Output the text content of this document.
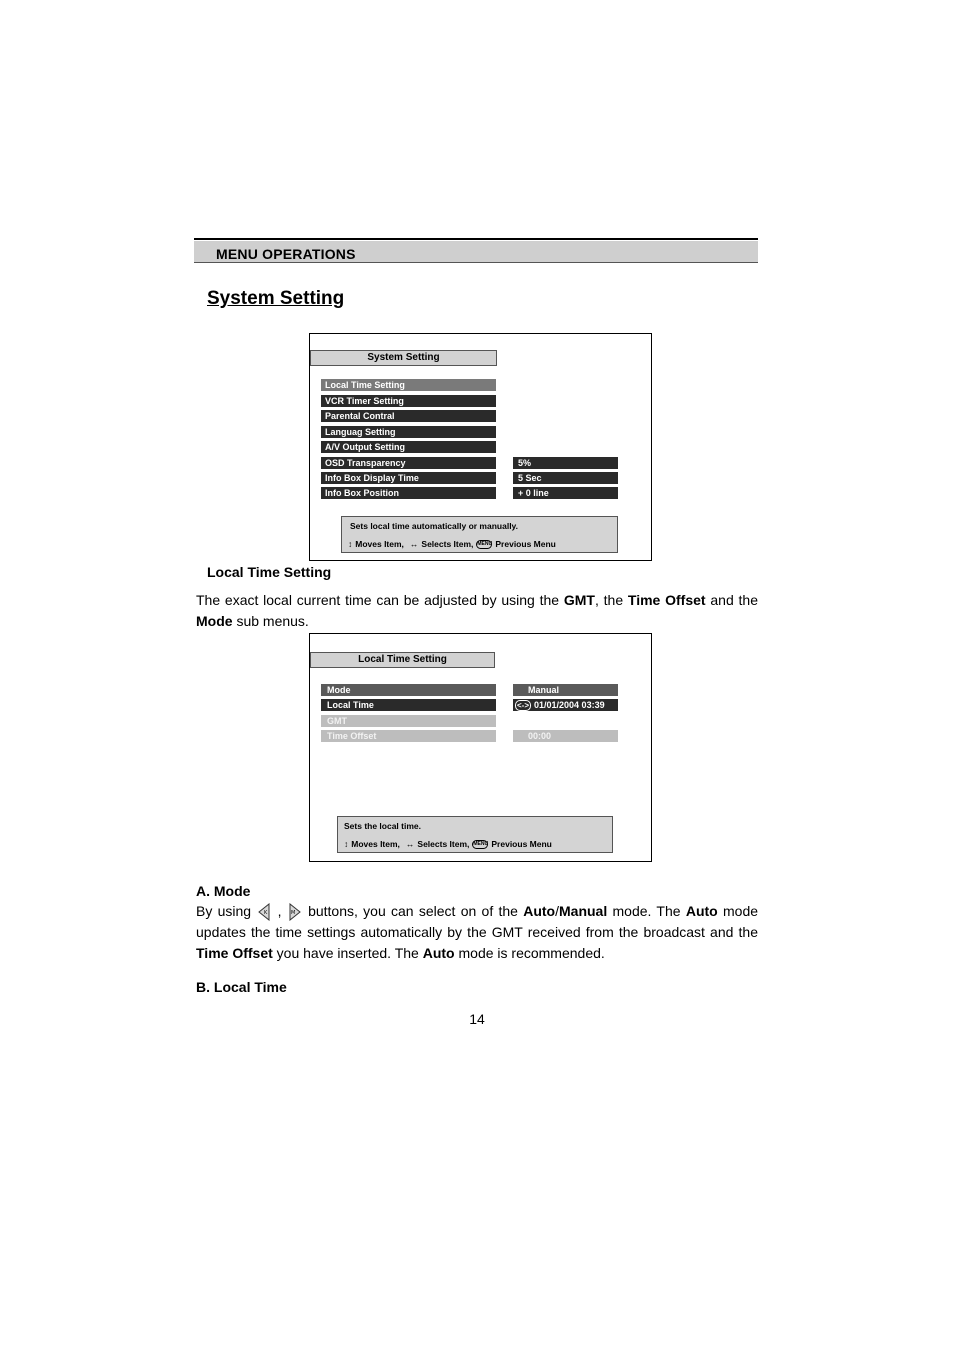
MENU OPERATIONS
System Setting
System Setting
Local Time Setting
VCR Timer Setting
Parental Contral
Languag Setting
A/V Output Setting
OSD Transparency
Info Box Display Time
Info Box Position
5%
5 Sec
+ 0 line
Sets local time automatically or manually.
↕ Moves Item, ↔ Selects Item, MENU Previous Menu
Local Time Setting
The exact local current time can be adjusted by using the GMT, the Time Offset and the Mode sub menus.
Local Time Setting
Mode
Local Time
GMT
Time Offset
Manual
<-> 01/01/2004 03:39
00:00
Sets the local time.
↕ Moves Item, ↔ Selects Item, MENU Previous Menu
A. Mode
By using K , M buttons, you can select on of the Auto/Manual mode. The Auto mode updates the time settings automatically by the GMT received from the broadcast and the Time Offset you have inserted. The Auto mode is recommended.
B. Local Time
14
